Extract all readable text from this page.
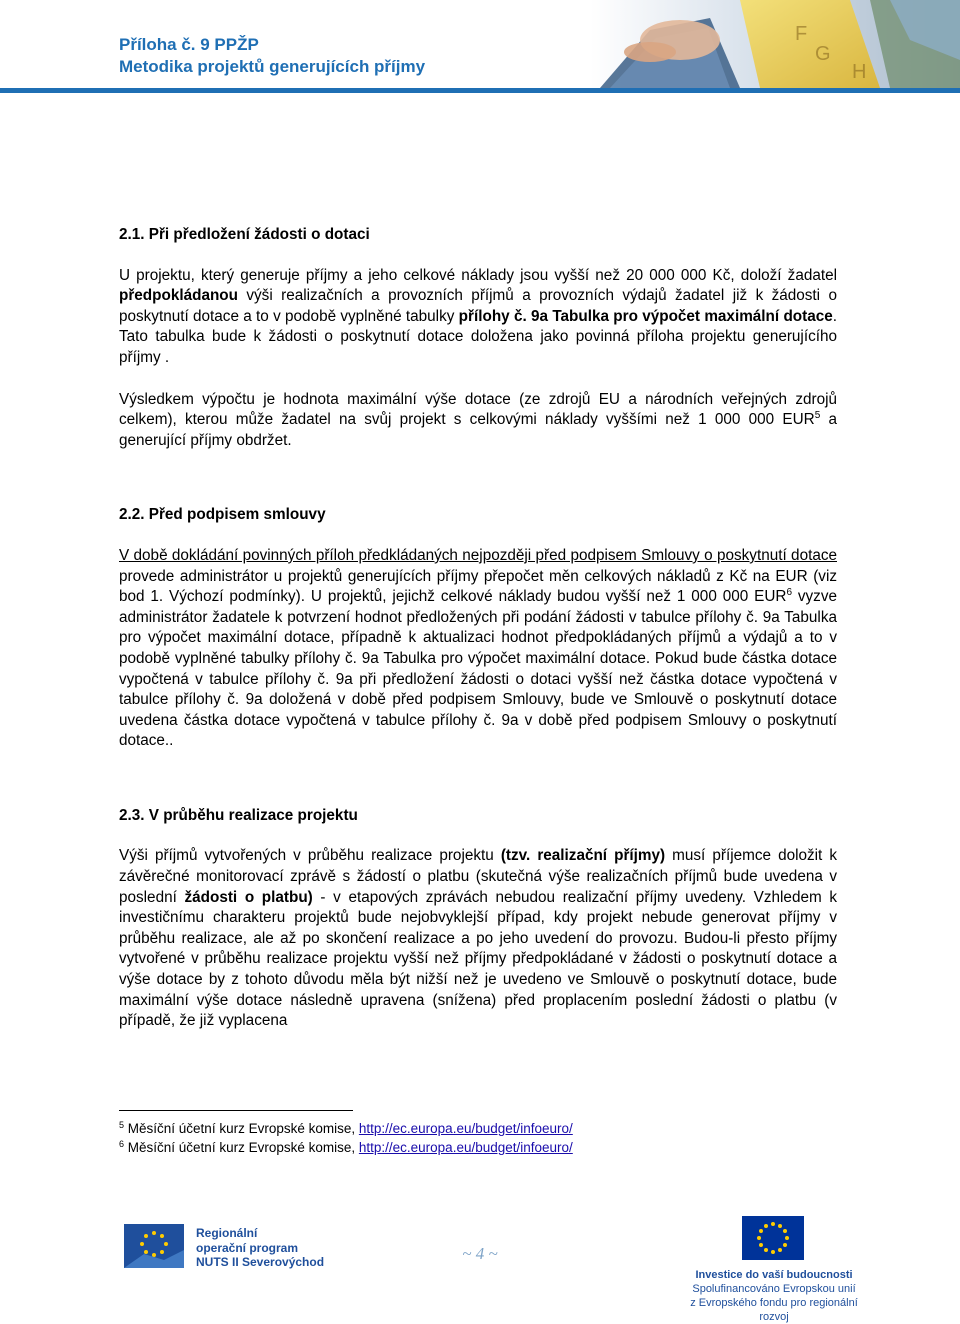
Příloha č. 9 PPŽP
Metodika projektů generujících příjmy
F
G
H
2.1. Při předložení žádosti o dotaci

U projektu, který generuje příjmy a jeho celkové náklady jsou vyšší než 20 000 000 Kč, doloží žadatel předpokládanou výši realizačních a provozních příjmů a provozních výdajů žadatel již k žádosti o poskytnutí dotace a to v podobě vyplněné tabulky přílohy č. 9a Tabulka pro výpočet maximální dotace. Tato tabulka bude k žádosti o poskytnutí dotace doložena jako povinná příloha projektu generujícího příjmy .

Výsledkem výpočtu je hodnota maximální výše dotace (ze zdrojů EU a národních veřejných zdrojů celkem), kterou může žadatel na svůj projekt s celkovými náklady vyššími než 1 000 000 EUR$^5$ a generující příjmy obdržet.

2.2. Před podpisem smlouvy

V době dokládání povinných příloh předkládaných nejpozději před podpisem Smlouvy o poskytnutí dotace provede administrátor u projektů generujících příjmy přepočet měn celkových nákladů z Kč na EUR (viz bod 1. Výchozí podmínky). U projektů, jejichž celkové náklady budou vyšší než 1 000 000 EUR$^6$ vyzve administrátor žadatele k potvrzení hodnot předložených při podání žádosti v tabulce přílohy č. 9a Tabulka pro výpočet maximální dotace, případně k aktualizaci hodnot předpokládaných příjmů a výdajů a to v podobě vyplněné tabulky přílohy č. 9a Tabulka pro výpočet maximální dotace. Pokud bude částka dotace vypočtená v tabulce přílohy č. 9a při předložení žádosti o dotaci vyšší než částka dotace vypočtená v tabulce přílohy č. 9a doložená v době před podpisem Smlouvy, bude ve Smlouvě o poskytnutí dotace uvedena částka dotace vypočtená v tabulce přílohy č. 9a v době před podpisem Smlouvy o poskytnutí dotace..

2.3. V průběhu realizace projektu

Výši příjmů vytvořených v průběhu realizace projektu (tzv. realizační příjmy) musí příjemce doložit k závěrečné monitorovací zprávě s žádostí o platbu (skutečná výše realizačních příjmů bude uvedena v poslední žádosti o platbu) - v etapových zprávách nebudou realizační příjmy uvedeny. Vzhledem k investičnímu charakteru projektů bude nejobvyklejší případ, kdy projekt nebude generovat příjmy v průběhu realizace, ale až po skončení realizace a po jeho uvedení do provozu. Budou-li přesto příjmy vytvořené v průběhu realizace projektu vyšší než příjmy předpokládané v žádosti o poskytnutí dotace a výše dotace by z tohoto důvodu měla být nižší než je uvedeno ve Smlouvě o poskytnutí dotace, bude maximální výše dotace následně upravena (snížena) před proplacením poslední žádosti o platbu (v případě, že již vyplacena

$^5$ Měsíční účetní kurz Evropské komise, http://ec.europa.eu/budget/infoeuro/
$^6$ Měsíční účetní kurz Evropské komise, http://ec.europa.eu/budget/infoeuro/
Regionální
operační program
NUTS II Severovýchod	~ 4 ~
Investice do vaší budoucnosti
Spolufinancováno Evropskou unií
z Evropského fondu pro regionální rozvoj
